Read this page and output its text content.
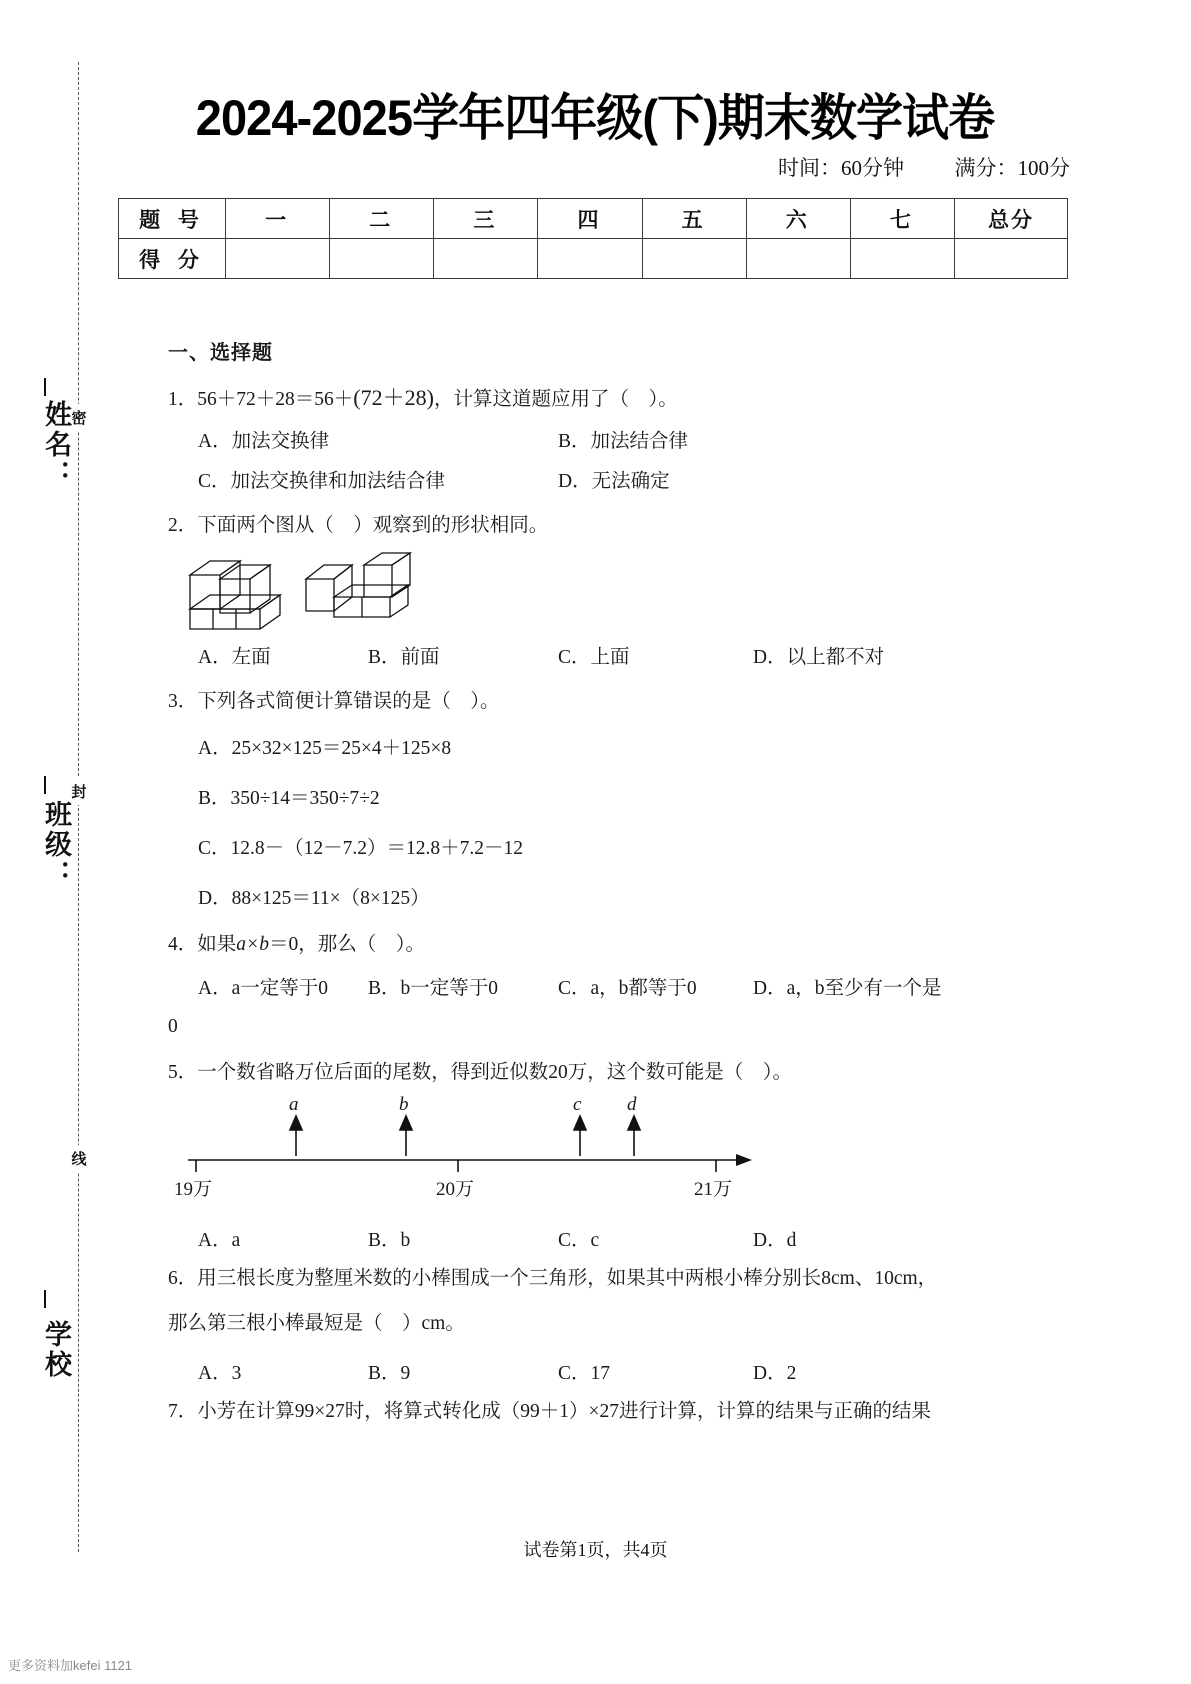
密
封
线
姓名：
班级：
学校
2024-2025学年四年级(下)期末数学试卷
时间：60分钟 满分：100分
题 号	一	二	三	四	五	六	七	总分
得 分								
一、选择题
1．56＋72＋28＝56＋(72＋28)，计算这道题应用了（　）。
A．加法交换律	B．加法结合律
C．加法交换律和加法结合律	D．无法确定
2．下面两个图从（　）观察到的形状相同。
A．左面	B．前面	C．上面	D．以上都不对
3．下列各式简便计算错误的是（　）。
A．25×32×125＝25×4＋125×8
B．350÷14＝350÷7÷2
C．12.8－（12－7.2）＝12.8＋7.2－12
D．88×125＝11×（8×125）
4．如果a×b＝0，那么（　）。
A．a一定等于0 B．b一定等于0	C．a，b都等于0	D．a，b至少有一个是
0
5．一个数省略万位后面的尾数，得到近似数20万，这个数可能是（　）。
a	b	c d
19万	20万	21万
A．a	B．b	C．c	D．d
6．用三根长度为整厘米数的小棒围成一个三角形，如果其中两根小棒分别长8cm、10cm，
那么第三根小棒最短是（　）cm。
A．3	B．9	C．17	D．2
7．小芳在计算99×27时，将算式转化成（99＋1）×27进行计算，计算的结果与正确的结果
试卷第1页，共4页
更多资料加kefei 1121
